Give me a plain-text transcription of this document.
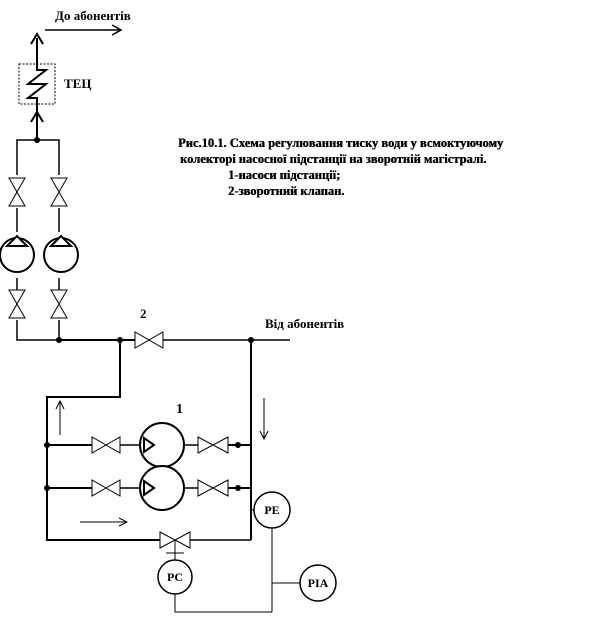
До абонентів
ТЕЦ
2
Від абонентів
1
PE
PC	PIA
Рис.10.1. Схема регулювання тиску води у всмоктуючому
колекторі насосної підстанції на зворотній магістралі.
1-насоси підстанції;
2-зворотний клапан.
